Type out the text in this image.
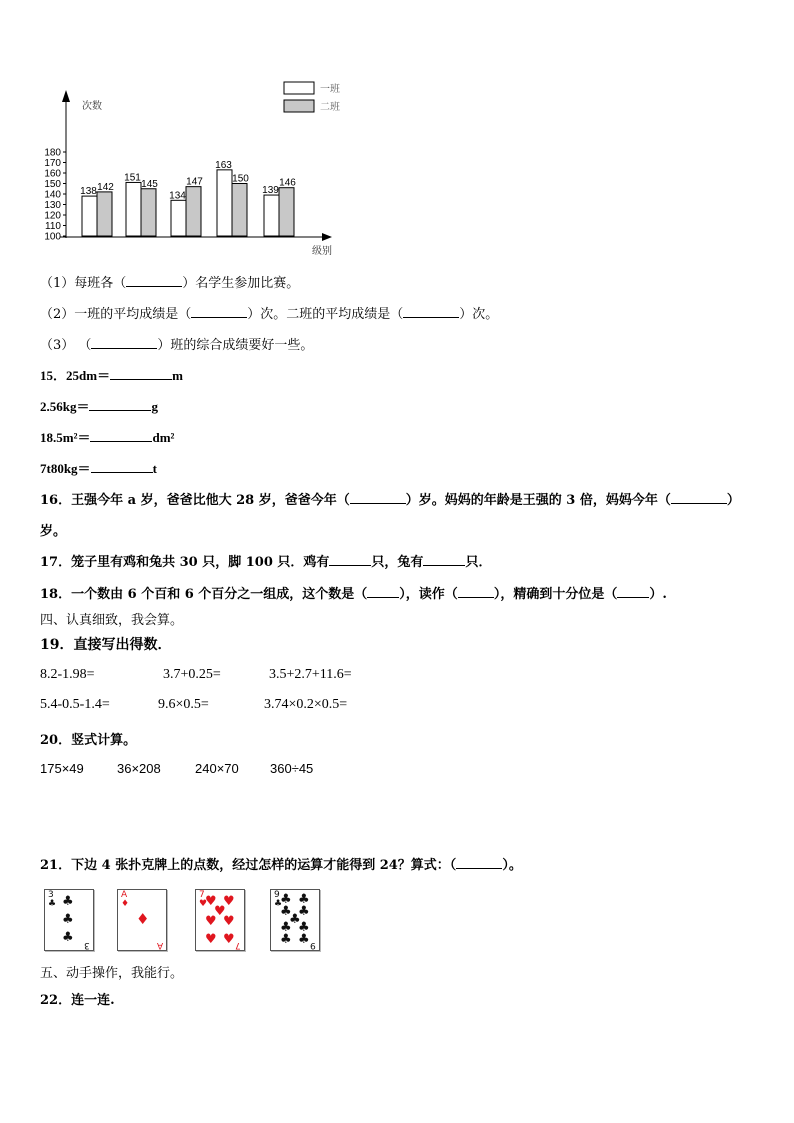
次数
级别
100
110
120
130
140
150
160
170
180
138
151
134
163
139
142	145	147	150	146
一班
二班
（1）每班各（	）名学生参加比赛。
（2）一班的平均成绩是（	）次。二班的平均成绩是（	）次。
（3） （	）班的综合成绩要好一些。
15．25dm＝	m
2.56kg＝	g
18.5m²＝	dm²
7t80kg＝	t
16．王强今年 a 岁，爸爸比他大 28 岁，爸爸今年（	）岁。妈妈的年龄是王强的 3 倍，妈妈今年（	）
岁。
17．笼子里有鸡和兔共 30 只，脚 100 只．鸡有	只，兔有	只．
18．一个数由 6 个百和 6 个百分之一组成，这个数是（ ），读作（	），精确到十分位是（ ）.
四、认真细致，我会算。
19．直接写出得数．
8.2-1.98=	3.7+0.25=	3.5+2.7+11.6=
5.4-0.5-1.4=	9.6×0.5=	3.74×0.2×0.5=
20．竖式计算。
175×49	36×208	240×70 360÷45
21．下边 4 张扑克牌上的点数，经过怎样的运算才能得到 24？算式：（	）。
3
♣ ♣
♣
♣ 3
A
♦
♦
A
7
♥
♥ ♥
♥
♥ ♥
♥ ♥ 7
9
♣
♣ ♣
♣ ♣
♣
♣ ♣
♣ ♣ 9
五、动手操作，我能行。
22．连一连.
